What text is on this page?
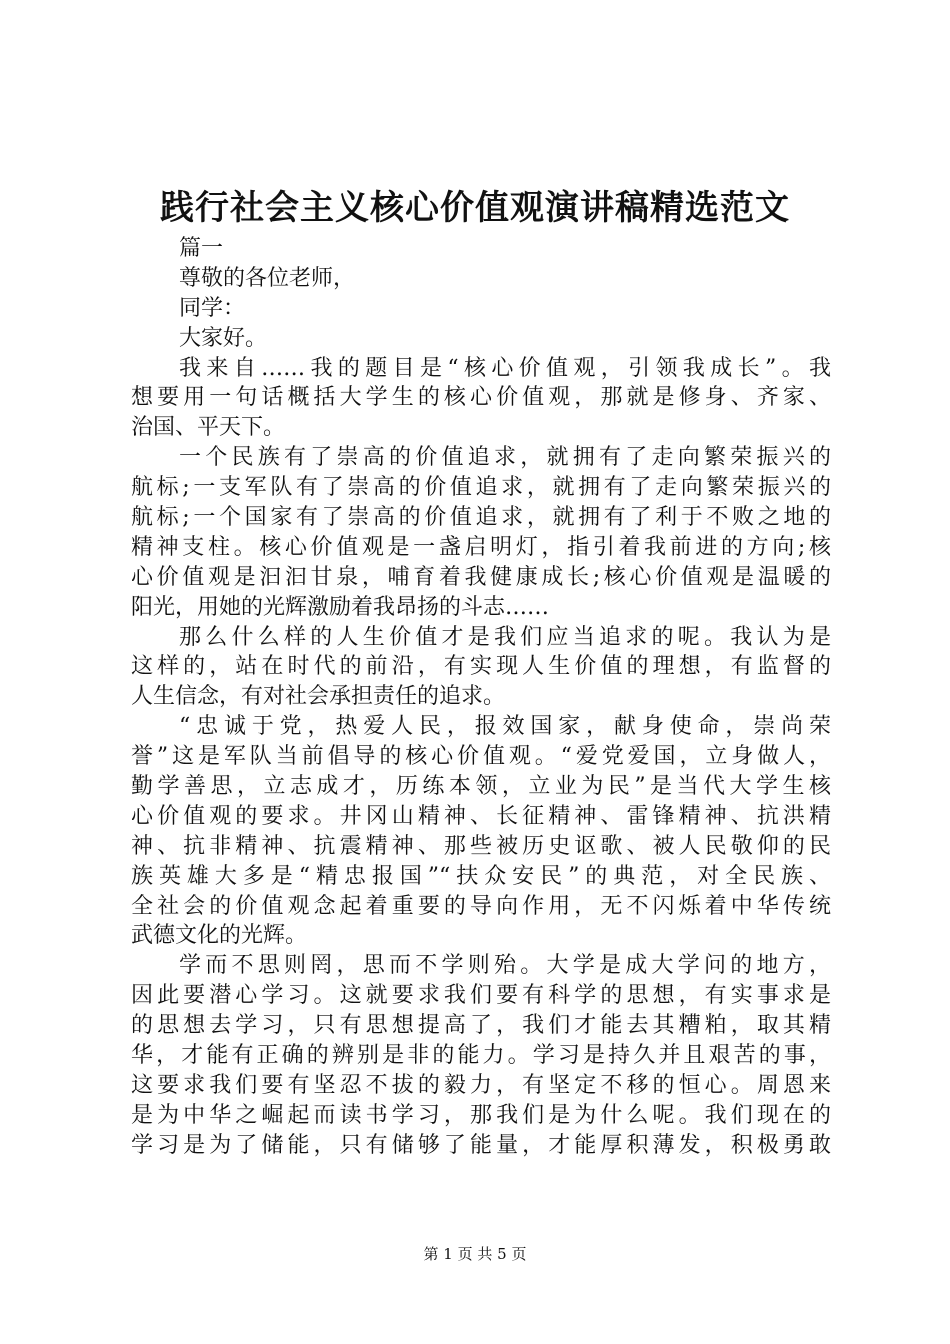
践行社会主义核心价值观演讲稿精选范文
篇一
尊敬的各位老师，
同学：
大家好。
我来自……我的题目是“核心价值观，引领我成长”。我
想要用一句话概括大学生的核心价值观，那就是修身、齐家、
治国、平天下。
一个民族有了崇高的价值追求，就拥有了走向繁荣振兴的
航标;一支军队有了崇高的价值追求，就拥有了走向繁荣振兴的
航标;一个国家有了崇高的价值追求，就拥有了利于不败之地的
精神支柱。核心价值观是一盏启明灯，指引着我前进的方向;核
心价值观是汩汩甘泉，哺育着我健康成长;核心价值观是温暖的
阳光，用她的光辉激励着我昂扬的斗志……
那么什么样的人生价值才是我们应当追求的呢。我认为是
这样的，站在时代的前沿，有实现人生价值的理想，有监督的
人生信念，有对社会承担责任的追求。
“忠诚于党，热爱人民，报效国家，献身使命，崇尚荣
誉”这是军队当前倡导的核心价值观。“爱党爱国，立身做人，
勤学善思，立志成才，历练本领，立业为民”是当代大学生核
心价值观的要求。井冈山精神、长征精神、雷锋精神、抗洪精
神、抗非精神、抗震精神、那些被历史讴歌、被人民敬仰的民
族英雄大多是“精忠报国”“扶众安民”的典范，对全民族、
全社会的价值观念起着重要的导向作用，无不闪烁着中华传统
武德文化的光辉。
学而不思则罔，思而不学则殆。大学是成大学问的地方，
因此要潜心学习。这就要求我们要有科学的思想，有实事求是
的思想去学习，只有思想提高了，我们才能去其糟粕，取其精
华，才能有正确的辨别是非的能力。学习是持久并且艰苦的事，
这要求我们要有坚忍不拔的毅力，有坚定不移的恒心。周恩来
是为中华之崛起而读书学习，那我们是为什么呢。我们现在的
学习是为了储能，只有储够了能量，才能厚积薄发，积极勇敢
第 1 页 共 5 页
